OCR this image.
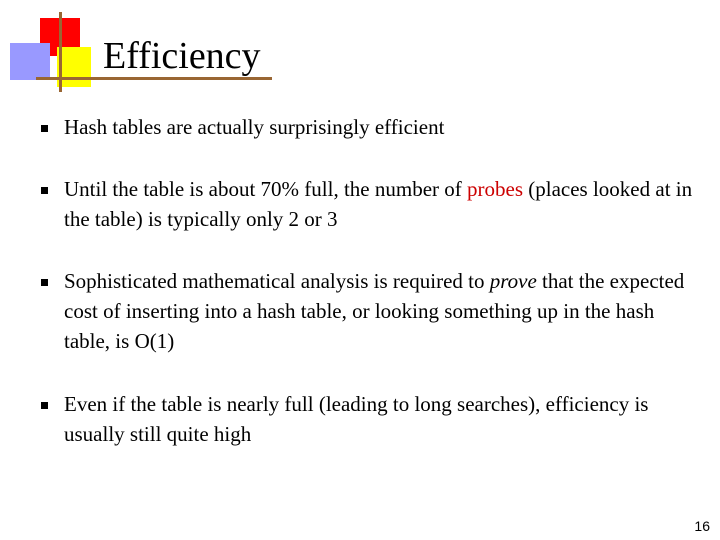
Efficiency
Hash tables are actually surprisingly efficient
Until the table is about 70% full, the number of probes (places looked at in the table) is typically only 2 or 3
Sophisticated mathematical analysis is required to prove that the expected cost of inserting into a hash table, or looking something up in the hash table, is O(1)
Even if the table is nearly full (leading to long searches), efficiency is usually still quite high
16
